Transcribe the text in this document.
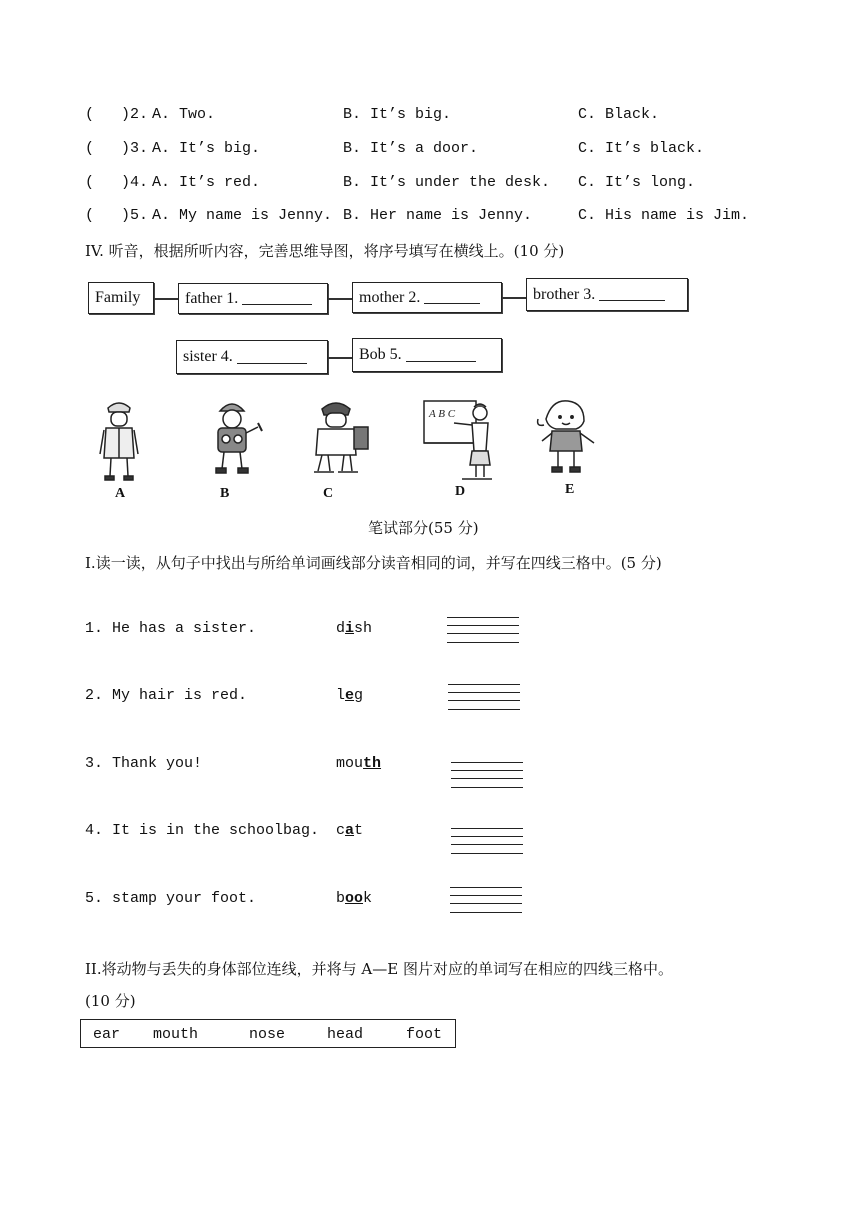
(   )2. A. Two.	B. It’s big.	C. Black.
(   )3. A. It’s big.	B. It’s a door.	C. It’s black.
(   )4. A. It’s red.	B. It’s under the desk. C. It’s long.
(   )5. A. My name is Jenny. B. Her name is Jenny.	C. His name is Jim.
IV. 听音，根据所听内容，完善思维导图，将序号填写在横线上。(10 分)
Family	father 1.	mother 2.	brother 3.
sister 4.	Bob 5.
A	B	C
A B C
D	E
笔试部分(55 分)
I.读一读，从句子中找出与所给单词画线部分读音相同的词，并写在四线三格中。(5 分)
1. He has a sister.	dish
2. My hair is red.	leg
3. Thank you!	mouth
4. It is in the schoolbag. cat
5. stamp your foot.	book
II.将动物与丢失的身体部位连线，并将与 A—E 图片对应的单词写在相应的四线三格中。
(10 分)
ear mouth	nose	head	foot
